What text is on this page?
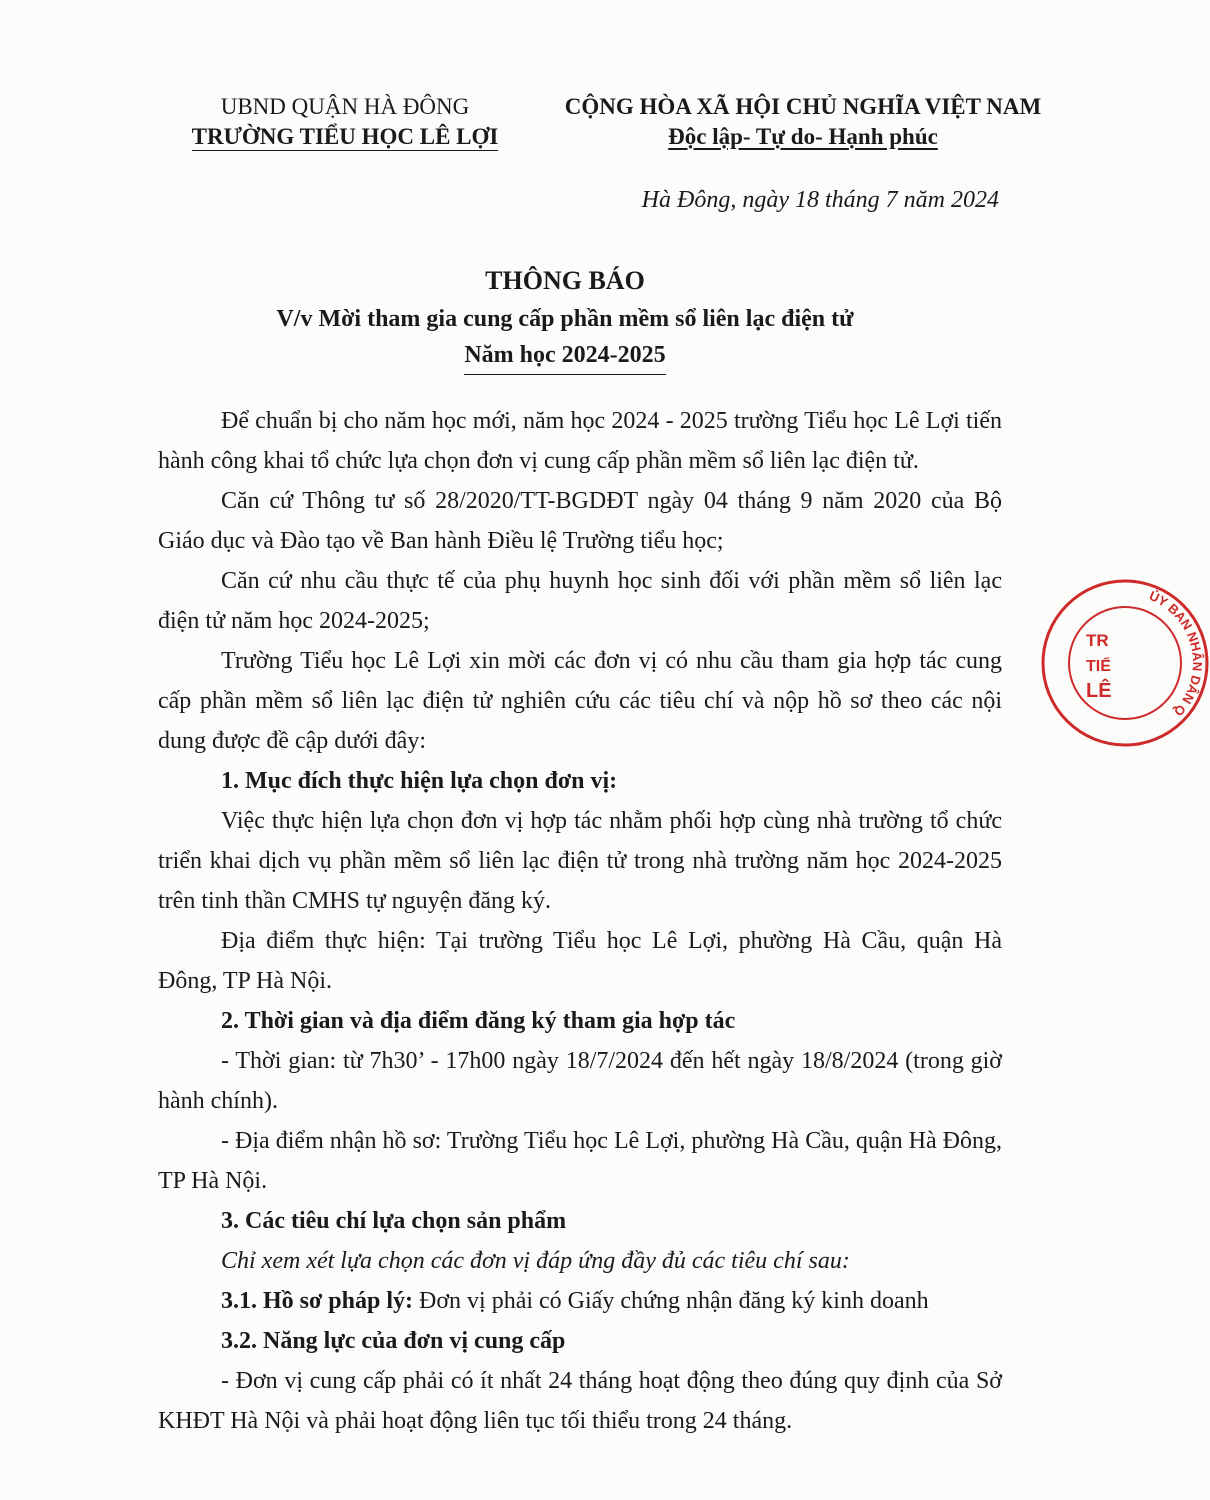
UBND QUẬN HÀ ĐÔNG
TRƯỜNG TIỂU HỌC LÊ LỢI
CỘNG HÒA XÃ HỘI CHỦ NGHĨA VIỆT NAM
Độc lập- Tự do- Hạnh phúc
Hà Đông, ngày 18 tháng 7 năm 2024
THÔNG BÁO
V/v Mời tham gia cung cấp phần mềm sổ liên lạc điện tử
Năm học 2024-2025

Để chuẩn bị cho năm học mới, năm học 2024 - 2025 trường Tiểu học Lê Lợi tiến hành công khai tổ chức lựa chọn đơn vị cung cấp phần mềm sổ liên lạc điện tử.

Căn cứ Thông tư số 28/2020/TT-BGDĐT ngày 04 tháng 9 năm 2020 của Bộ Giáo dục và Đào tạo về Ban hành Điều lệ Trường tiểu học;

Căn cứ nhu cầu thực tế của phụ huynh học sinh đối với phần mềm sổ liên lạc điện tử năm học 2024-2025;

Trường Tiểu học Lê Lợi xin mời các đơn vị có nhu cầu tham gia hợp tác cung cấp phần mềm sổ liên lạc điện tử nghiên cứu các tiêu chí và nộp hồ sơ theo các nội dung được đề cập dưới đây:

1. Mục đích thực hiện lựa chọn đơn vị:

Việc thực hiện lựa chọn đơn vị hợp tác nhằm phối hợp cùng nhà trường tổ chức triển khai dịch vụ phần mềm sổ liên lạc điện tử trong nhà trường năm học 2024-2025 trên tinh thần CMHS tự nguyện đăng ký.

Địa điểm thực hiện: Tại trường Tiểu học Lê Lợi, phường Hà Cầu, quận Hà Đông, TP Hà Nội.

2. Thời gian và địa điểm đăng ký tham gia hợp tác

- Thời gian: từ 7h30’ - 17h00 ngày 18/7/2024 đến hết ngày 18/8/2024 (trong giờ hành chính).

- Địa điểm nhận hồ sơ: Trường Tiểu học Lê Lợi, phường Hà Cầu, quận Hà Đông, TP Hà Nội.

3. Các tiêu chí lựa chọn sản phẩm

Chỉ xem xét lựa chọn các đơn vị đáp ứng đầy đủ các tiêu chí sau:

3.1. Hồ sơ pháp lý: Đơn vị phải có Giấy chứng nhận đăng ký kinh doanh

3.2. Năng lực của đơn vị cung cấp

- Đơn vị cung cấp phải có ít nhất 24 tháng hoạt động theo đúng quy định của Sở KHĐT Hà Nội và phải hoạt động liên tục tối thiểu trong 24 tháng.

ỦY BAN NHÂN DÂN Q
TR
TIỂ
LÊ
